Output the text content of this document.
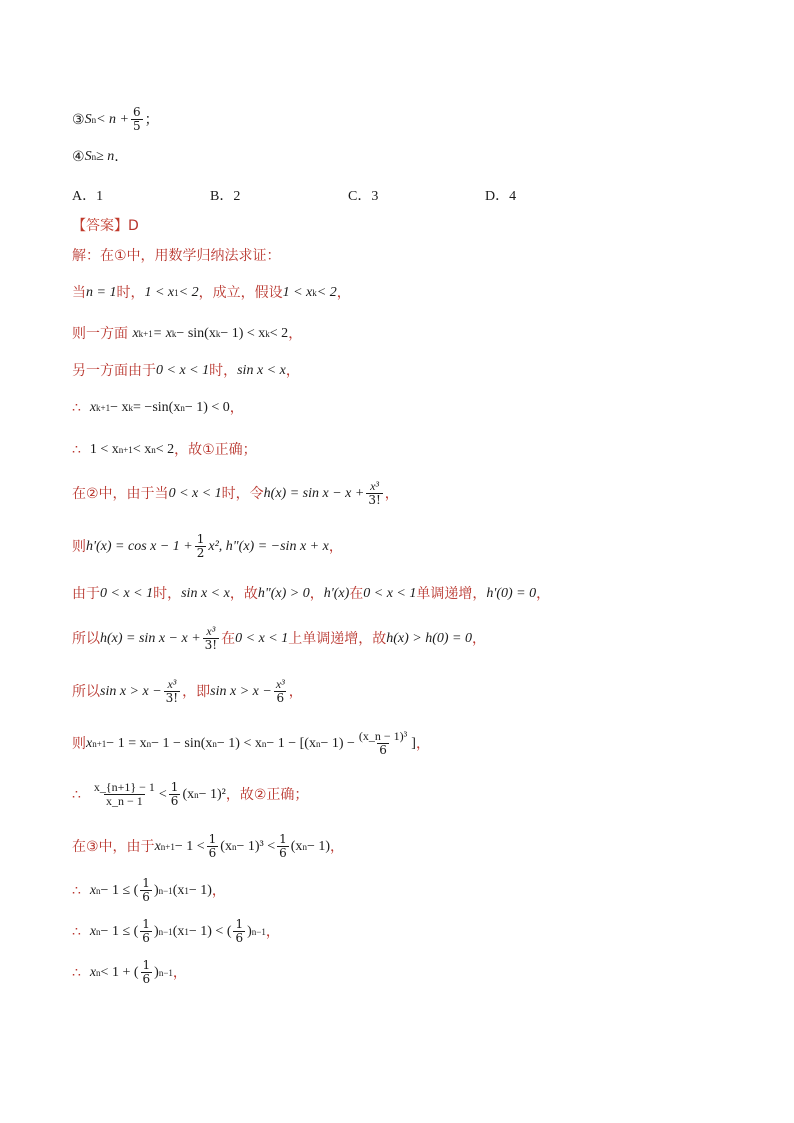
③ S $n < n + \frac{6}{5}$ ；
④ S n ≥ n .
A．1	B．2	C．3	D．4
【答案】 D
解：在①中，用数学归纳法求证：
当 n = 1 时， 1 < x 1 < 2 ，成立，假设 1 < x k < 2 ，
则一方面
x k+1 = x k − sin(x k − 1) < x k < 2 ，
另一方面由于 0 < x < 1 时， sin x < x ，
∴
x k+1 − x k = −sin(x n − 1) < 0 ，
∴
1 < x n+1 < x n < 2 ，故①正确；
在②中，由于当 0 < x < 1 时，令 $h(x) = \sin x - x + \frac{\text{x³}}{3!}$ ，
则 $h'(x) = \cos x - 1 + \frac{1}{2} x^2$, h"(x) = −sin x + x ，
由于 0 < x < 1 时， sin x < x ，故 h"(x) > 0 ， h'(x) 在 0 < x < 1 单调递增， h'(0) = 0 ，
所以 $h(x) = \sin x - x + \frac{\text{x³}}{3!}$ 在 0 < x < 1 上单调递增，故 h(x) > h(0) = 0 ，
所以 $\sin x > x - \frac{\text{x³}}{3!}$ ，即 $\sin x > x - \frac{\text{x³}}{6}$ ，
则 x n+1 − 1 = x n − 1 − sin(x n − 1) < x n − 1 − [(x $n - 1) - \frac{\text{(x\_n − 1)³}}{6}$ ] ，
∴
$\frac{x\_\{n+1\} - 1}{x\_n - 1} < \frac{1}{6} (x$ n − 1)² ，故②正确；
在③中，由于 x $n+1 - 1 < \frac{1}{6} (x$ $n - 1)^3 < \frac{1}{6} (x$ n − 1) ，
∴
x n − 1 ≤ ( $\frac{1}{6}$ ) n−1 (x 1 − 1) ，
∴
x n − 1 ≤ ( $\frac{1}{6}$ ) n−1 (x 1 − 1) < ( $\frac{1}{6}$ ) n−1 ，
∴
x n < 1 + ( $\frac{1}{6}$ ) n−1 ，
